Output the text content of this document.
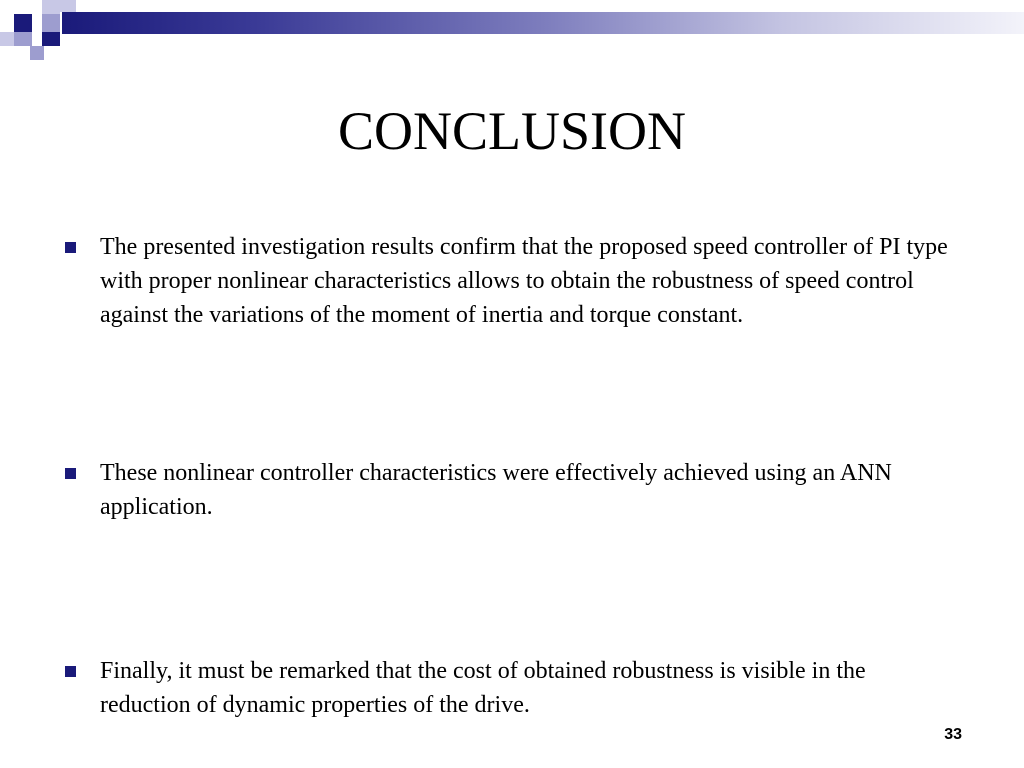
CONCLUSION
The presented investigation results confirm that the proposed speed controller of PI type with proper nonlinear characteristics allows to obtain the robustness of speed control against the variations of the moment of inertia and torque constant.
These nonlinear controller characteristics were effectively achieved using an ANN application.
Finally, it must be remarked that the cost of obtained robustness is visible in the reduction of dynamic properties of the drive.
33
